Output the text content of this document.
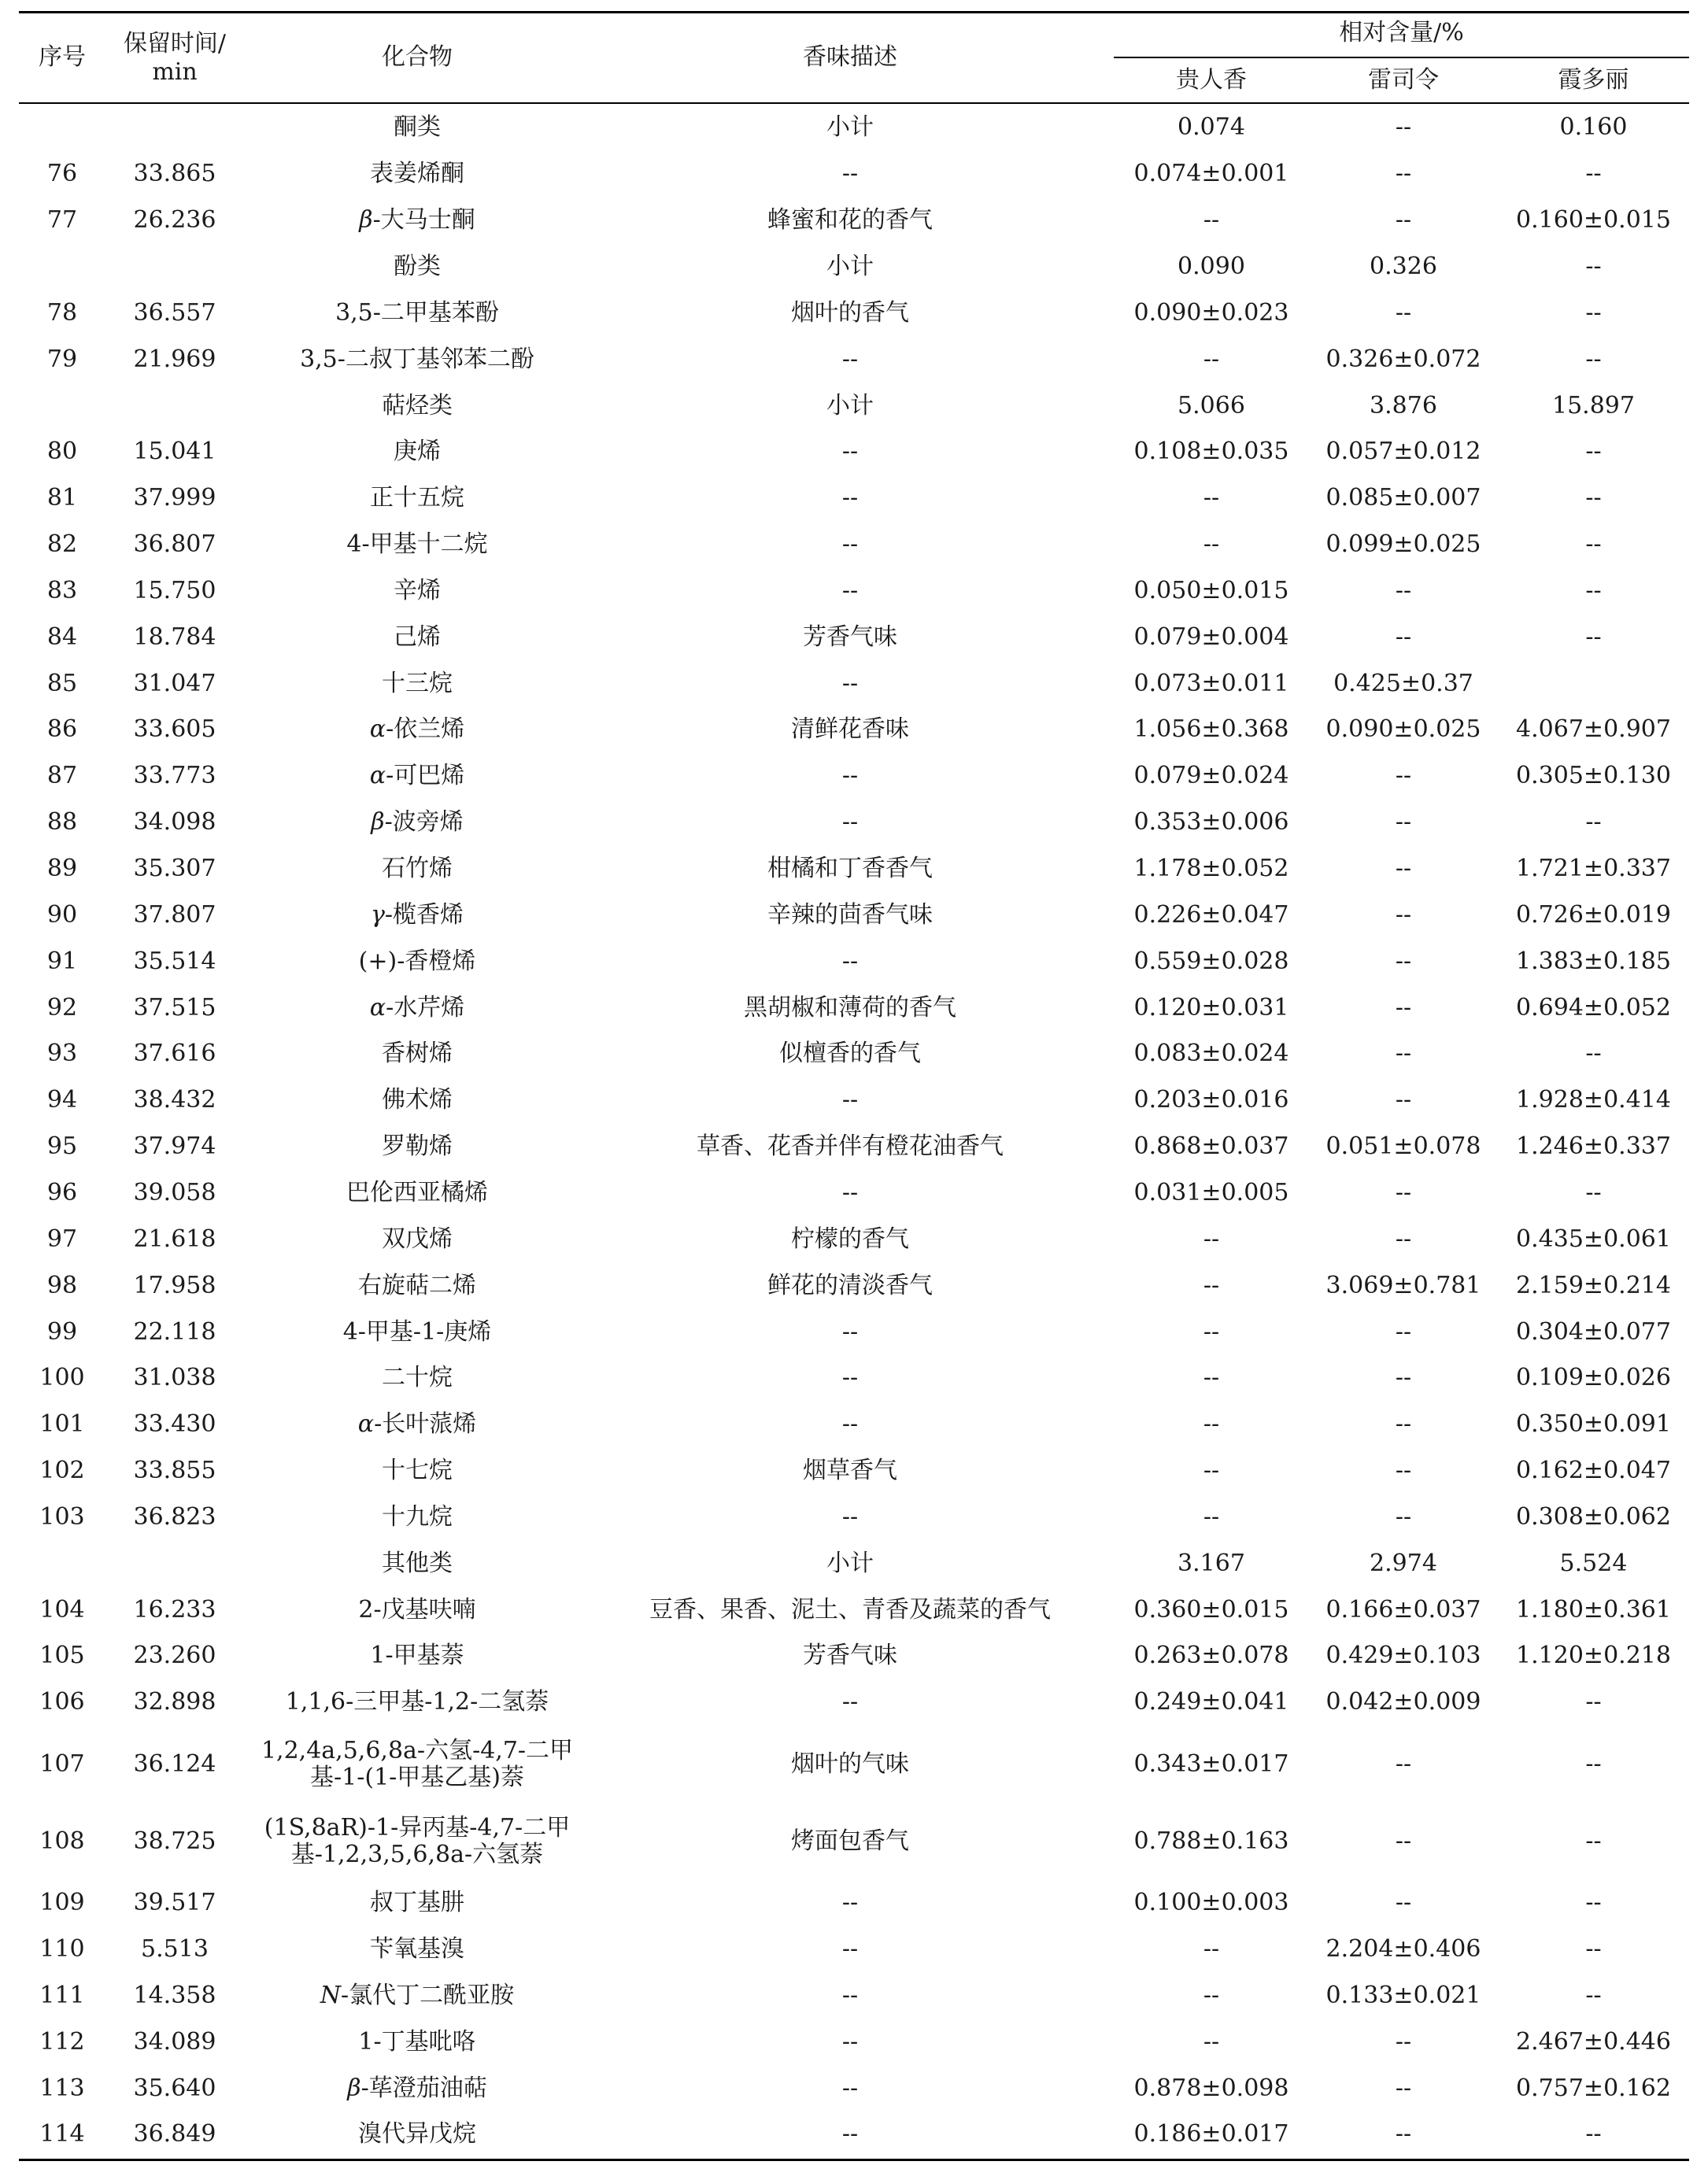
序号	保留时间/
min
化合物	香味描述
相对含量/%
贵人香	雷司令	霞多丽
酮类	小计	0.074	--	0.160
76	33.865	表姜烯酮	--	0.074±0.001	--	--
77	26.236	β-大马士酮	蜂蜜和花的香气	--	--	0.160±0.015
酚类	小计	0.090	0.326	--
78	36.557	3,5-二甲基苯酚	烟叶的香气	0.090±0.023	--	--
79	21.969	3,5-二叔丁基邻苯二酚	--	--	0.326±0.072	--
萜烃类	小计	5.066	3.876	15.897
80	15.041	庚烯	--	0.108±0.035	0.057±0.012	--
81	37.999	正十五烷	--	--	0.085±0.007	--
82	36.807	4-甲基十二烷	--	--	0.099±0.025	--
83	15.750	辛烯	--	0.050±0.015	--	--
84	18.784	己烯	芳香气味	0.079±0.004	--	--
85	31.047	十三烷	--	0.073±0.011	0.425±0.37
86	33.605	α-依兰烯	清鲜花香味	1.056±0.368	0.090±0.025	4.067±0.907
87	33.773	α-可巴烯	--	0.079±0.024	--	0.305±0.130
88	34.098	β-波旁烯	--	0.353±0.006	--	--
89	35.307	石竹烯	柑橘和丁香香气	1.178±0.052	--	1.721±0.337
90	37.807	γ-榄香烯	辛辣的茴香气味	0.226±0.047	--	0.726±0.019
91	35.514	(+)-香橙烯	--	0.559±0.028	--	1.383±0.185
92	37.515	α-水芹烯	黑胡椒和薄荷的香气	0.120±0.031	--	0.694±0.052
93	37.616	香树烯	似檀香的香气	0.083±0.024	--	--
94	38.432	佛术烯	--	0.203±0.016	--	1.928±0.414
95	37.974	罗勒烯	草香、花香并伴有橙花油香气	0.868±0.037	0.051±0.078	1.246±0.337
96	39.058	巴伦西亚橘烯	--	0.031±0.005	--	--
97	21.618	双戊烯	柠檬的香气	--	--	0.435±0.061
98	17.958	右旋萜二烯	鲜花的清淡香气	--	3.069±0.781	2.159±0.214
99	22.118	4-甲基-1-庚烯	--	--	--	0.304±0.077
100	31.038	二十烷	--	--	--	0.109±0.026
101	33.430	α-长叶蒎烯	--	--	--	0.350±0.091
102	33.855	十七烷	烟草香气	--	--	0.162±0.047
103	36.823	十九烷	--	--	--	0.308±0.062
其他类	小计	3.167	2.974	5.524
104	16.233	2-戊基呋喃	豆香、果香、泥土、青香及蔬菜的香气	0.360±0.015	0.166±0.037	1.180±0.361
105	23.260	1-甲基萘	芳香气味	0.263±0.078	0.429±0.103	1.120±0.218
106	32.898	1,1,6-三甲基-1,2-二氢萘	--	0.249±0.041	0.042±0.009	--
107	36.124	1,2,4a,5,6,8a-六氢-4,7-二甲
基-1-(1-甲基乙基)萘	烟叶的气味	0.343±0.017	--	--
108	38.725	(1S,8aR)-1-异丙基-4,7-二甲
基-1,2,3,5,6,8a-六氢萘	烤面包香气	0.788±0.163	--	--
109	39.517	叔丁基肼	--	0.100±0.003	--	--
110	5.513	苄氧基溴	--	--	2.204±0.406	--
111	14.358	N-氯代丁二酰亚胺	--	--	0.133±0.021	--
112	34.089	1-丁基吡咯	--	--	--	2.467±0.446
113	35.640	β-荜澄茄油萜	--	0.878±0.098	--	0.757±0.162
114	36.849	溴代异戊烷	--	0.186±0.017	--	--
